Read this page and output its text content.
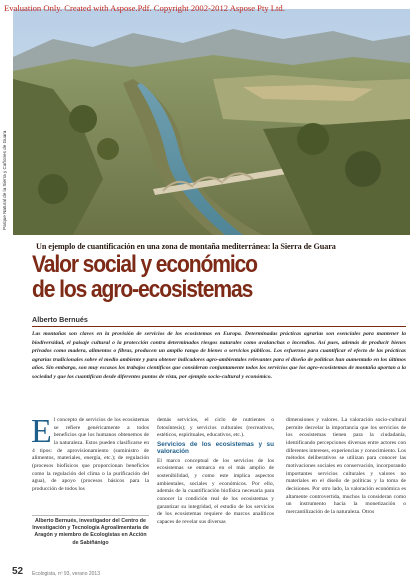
Evaluation Only. Created with Aspose.Pdf. Copyright 2002-2012 Aspose Pty Ltd.
Parque Natural de la Sierra y Cañones de Guara
Un ejemplo de cuantificación en una zona de montaña mediterránea: la Sierra de Guara
Valor social y económico
de los agro-ecosistemas
Alberto Bernués
Las montañas son claves en la provisión de servicios de los ecosistemas en Europa. Determinadas prácticas agrarias son esenciales para mantener la biodiversidad, el paisaje cultural o la protección contra determinados riesgos naturales como avalanchas o incendios. Así pues, además de producir bienes privados como madera, alimentos o fibras, producen un amplio rango de bienes o servicios públicos. Los esfuerzos para cuantificar el efecto de las prácticas agrarias tradicionales sobre el medio ambiente y para obtener indicadores agro-ambientales relevantes para el diseño de políticas han aumentado en los últimos años. Sin embargo, son muy escasos los trabajos científicos que consideran conjuntamente todos los servicios que los agro-ecosistemas de montaña aportan a la sociedad y que los cuantifican desde diferentes puntos de vista, por ejemplo socio-cultural y económico.
E l concepto de servicios de los ecosistemas se refiere genéricamente a todos beneficios que los humanos obtenemos de la naturaleza. Estos pueden clasificarse en 4 tipos: de aprovisionamiento (suministro de alimentos, materiales, energía, etc.); de regulación (procesos biofísicos que proporcionan beneficios como la regulación del clima o la purificación del agua), de apoyo (procesos básicos para la producción de todos los
Alberto Bernués, investigador del Centro de Investigación y Tecnología Agroalimentaria de Aragón y miembro de Ecologistas en Acción de Sabiñánigo
demás servicios, el ciclo de nutrientes o fotosíntesis); y servicios culturales (recreativos, estéticos, espirituales, educativos, etc.).
Servicios de los ecosistemas y su valoración
El marco conceptual de los servicios de los ecosistemas se enmarca en el más amplio de sostenibilidad, y como este implica aspectos ambientales, sociales y económicos. Por ello, además de la cuantificación biofísica necesaria para conocer la condición real de los ecosistemas y garantizar su integridad, el estudio de los servicios de los ecosistemas requiere de marcos analíticos capaces de revelar sus diversas
dimensiones y valores. La valoración socio-cultural permite desvelar la importancia que los servicios de los ecosistemas tienen para la ciudadanía, identificando percepciones diversas entre actores con diferentes intereses, experiencias y conocimiento. Los métodos deliberativos se utilizan para conocer las motivaciones sociales en conservación, incorporando importantes servicios culturales y valores no materiales en el diseño de políticas y la toma de decisiones. Por otro lado, la valoración económica es altamente controvertida, muchos la consideran como un instrumento hacia la monetización o mercantilización de la naturaleza. Otros
52 Ecologista, nº 93, verano 2013
